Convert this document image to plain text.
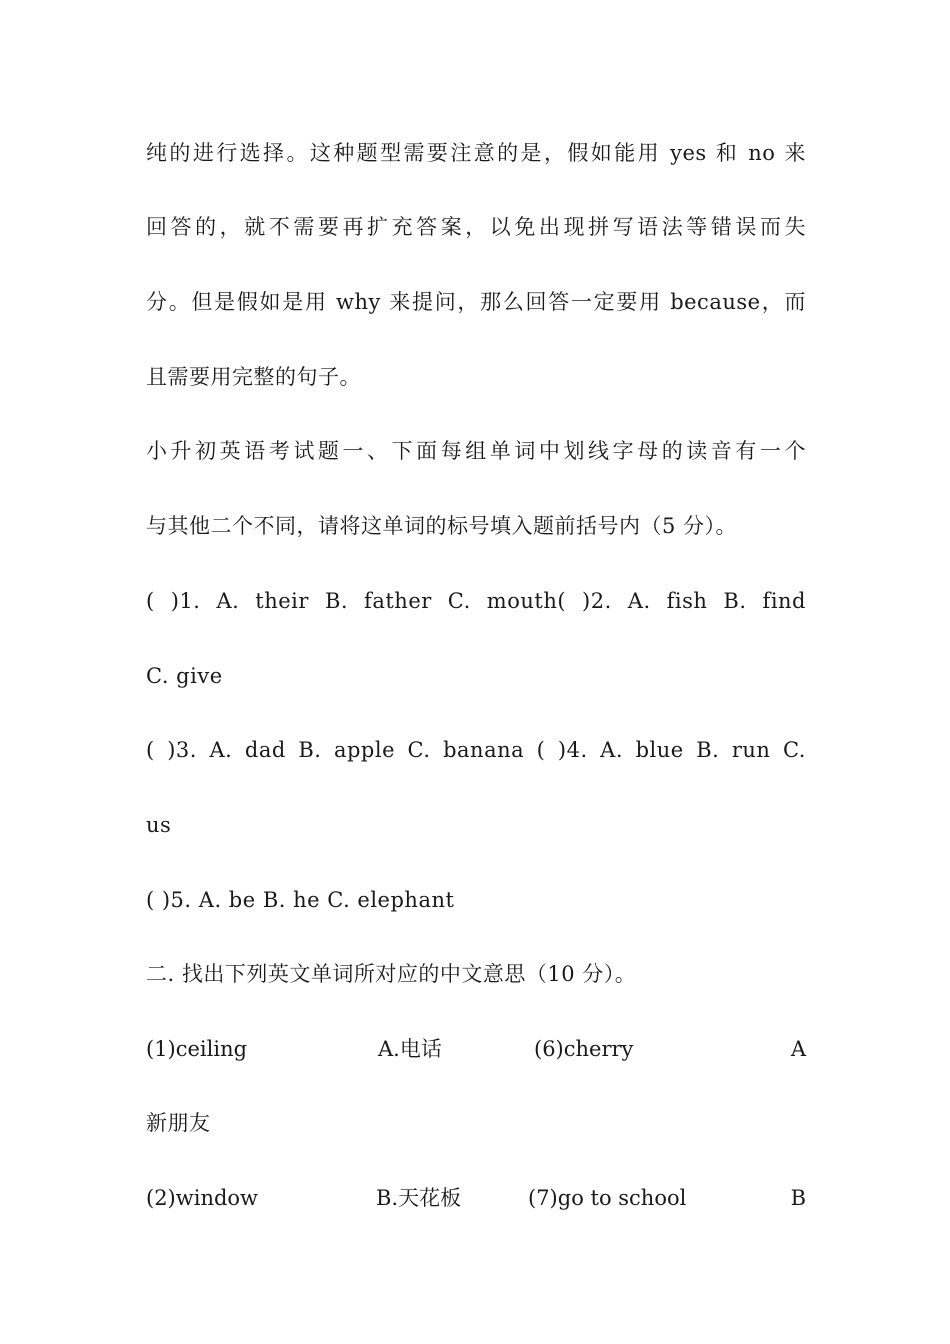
纯的进行选择。这种题型需要注意的是，假如能用 yes 和 no 来
回答的，就不需要再扩充答案，以免出现拼写语法等错误而失
分。但是假如是用 why 来提问，那么回答一定要用 because，而
且需要用完整的句子。
小升初英语考试题一、下面每组单词中划线字母的读音有一个
与其他二个不同，请将这单词的标号填入题前括号内（5 分）。
( )1. A. their B. father C. mouth( )2. A. fish B. find
C. give
( )3. A. dad B. apple C. banana ( )4. A. blue B. run C.
us
( )5. A. be B. he C. elephant
二. 找出下列英文单词所对应的中文意思（10 分）。
(1)ceiling	A.电话	(6)cherry	A
新朋友
(2)window	B.天花板	(7)go to school	B
